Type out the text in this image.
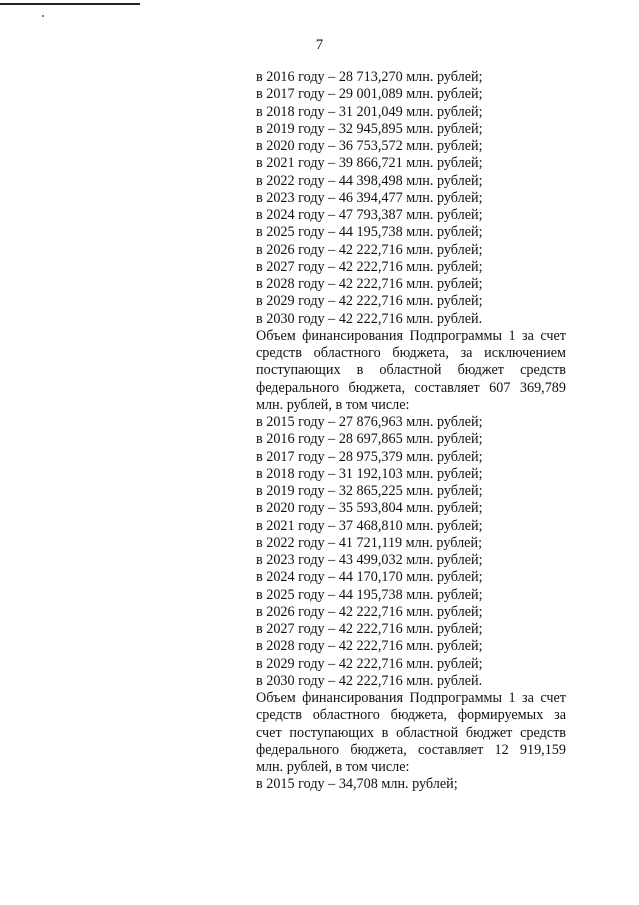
7
в 2016 году – 28 713,270 млн. рублей;
в 2017 году – 29 001,089 млн. рублей;
в 2018 году – 31 201,049 млн. рублей;
в 2019 году – 32 945,895 млн. рублей;
в 2020 году – 36 753,572 млн. рублей;
в 2021 году – 39 866,721 млн. рублей;
в 2022 году – 44 398,498 млн. рублей;
в 2023 году – 46 394,477 млн. рублей;
в 2024 году – 47 793,387 млн. рублей;
в 2025 году – 44 195,738 млн. рублей;
в 2026 году – 42 222,716 млн. рублей;
в 2027 году – 42 222,716 млн. рублей;
в 2028 году – 42 222,716 млн. рублей;
в 2029 году – 42 222,716 млн. рублей;
в 2030 году – 42 222,716 млн. рублей.
Объем финансирования Подпрограммы 1 за счет средств областного бюджета, за исключением поступающих в областной бюджет средств федерального бюджета, составляет 607 369,789 млн. рублей, в том числе:
в 2015 году – 27 876,963 млн. рублей;
в 2016 году – 28 697,865 млн. рублей;
в 2017 году – 28 975,379 млн. рублей;
в 2018 году – 31 192,103 млн. рублей;
в 2019 году – 32 865,225 млн. рублей;
в 2020 году – 35 593,804 млн. рублей;
в 2021 году – 37 468,810 млн. рублей;
в 2022 году – 41 721,119 млн. рублей;
в 2023 году – 43 499,032 млн. рублей;
в 2024 году – 44 170,170 млн. рублей;
в 2025 году – 44 195,738 млн. рублей;
в 2026 году – 42 222,716 млн. рублей;
в 2027 году – 42 222,716 млн. рублей;
в 2028 году – 42 222,716 млн. рублей;
в 2029 году – 42 222,716 млн. рублей;
в 2030 году – 42 222,716 млн. рублей.
Объем финансирования Подпрограммы 1 за счет средств областного бюджета, формируемых за счет поступающих в областной бюджет средств федерального бюджета, составляет 12 919,159 млн. рублей, в том числе:
в 2015 году – 34,708 млн. рублей;
